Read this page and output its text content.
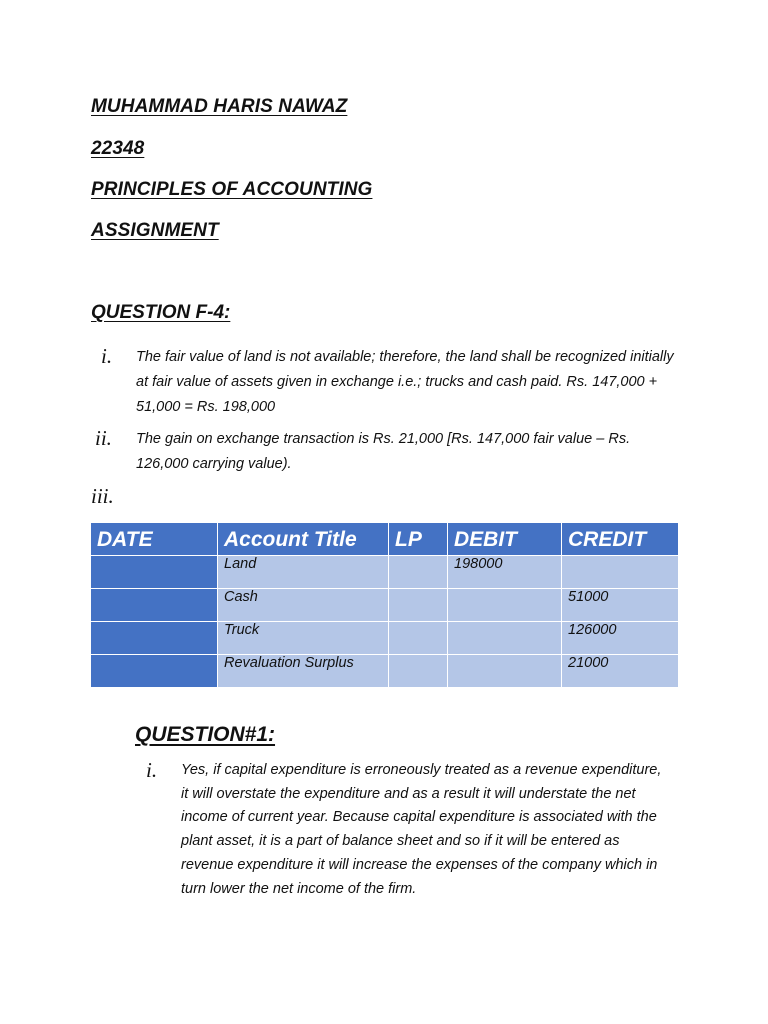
MUHAMMAD HARIS NAWAZ
22348
PRINCIPLES OF ACCOUNTING
ASSIGNMENT
QUESTION F-4:
i. The fair value of land is not available; therefore, the land shall be recognized initially at fair value of assets given in exchange i.e.; trucks and cash paid. Rs. 147,000 + 51,000 = Rs. 198,000
ii. The gain on exchange transaction is Rs. 21,000 [Rs. 147,000 fair value – Rs. 126,000 carrying value).
iii.
DATE	Account Title	LP	DEBIT	CREDIT
	Land		198000	
	Cash			51000
	Truck			126000
	Revaluation Surplus			21000
QUESTION#1:
i. Yes, if capital expenditure is erroneously treated as a revenue expenditure, it will overstate the expenditure and as a result it will understate the net income of current year. Because capital expenditure is associated with the plant asset, it is a part of balance sheet and so if it will be entered as revenue expenditure it will increase the expenses of the company which in turn lower the net income of the firm.
